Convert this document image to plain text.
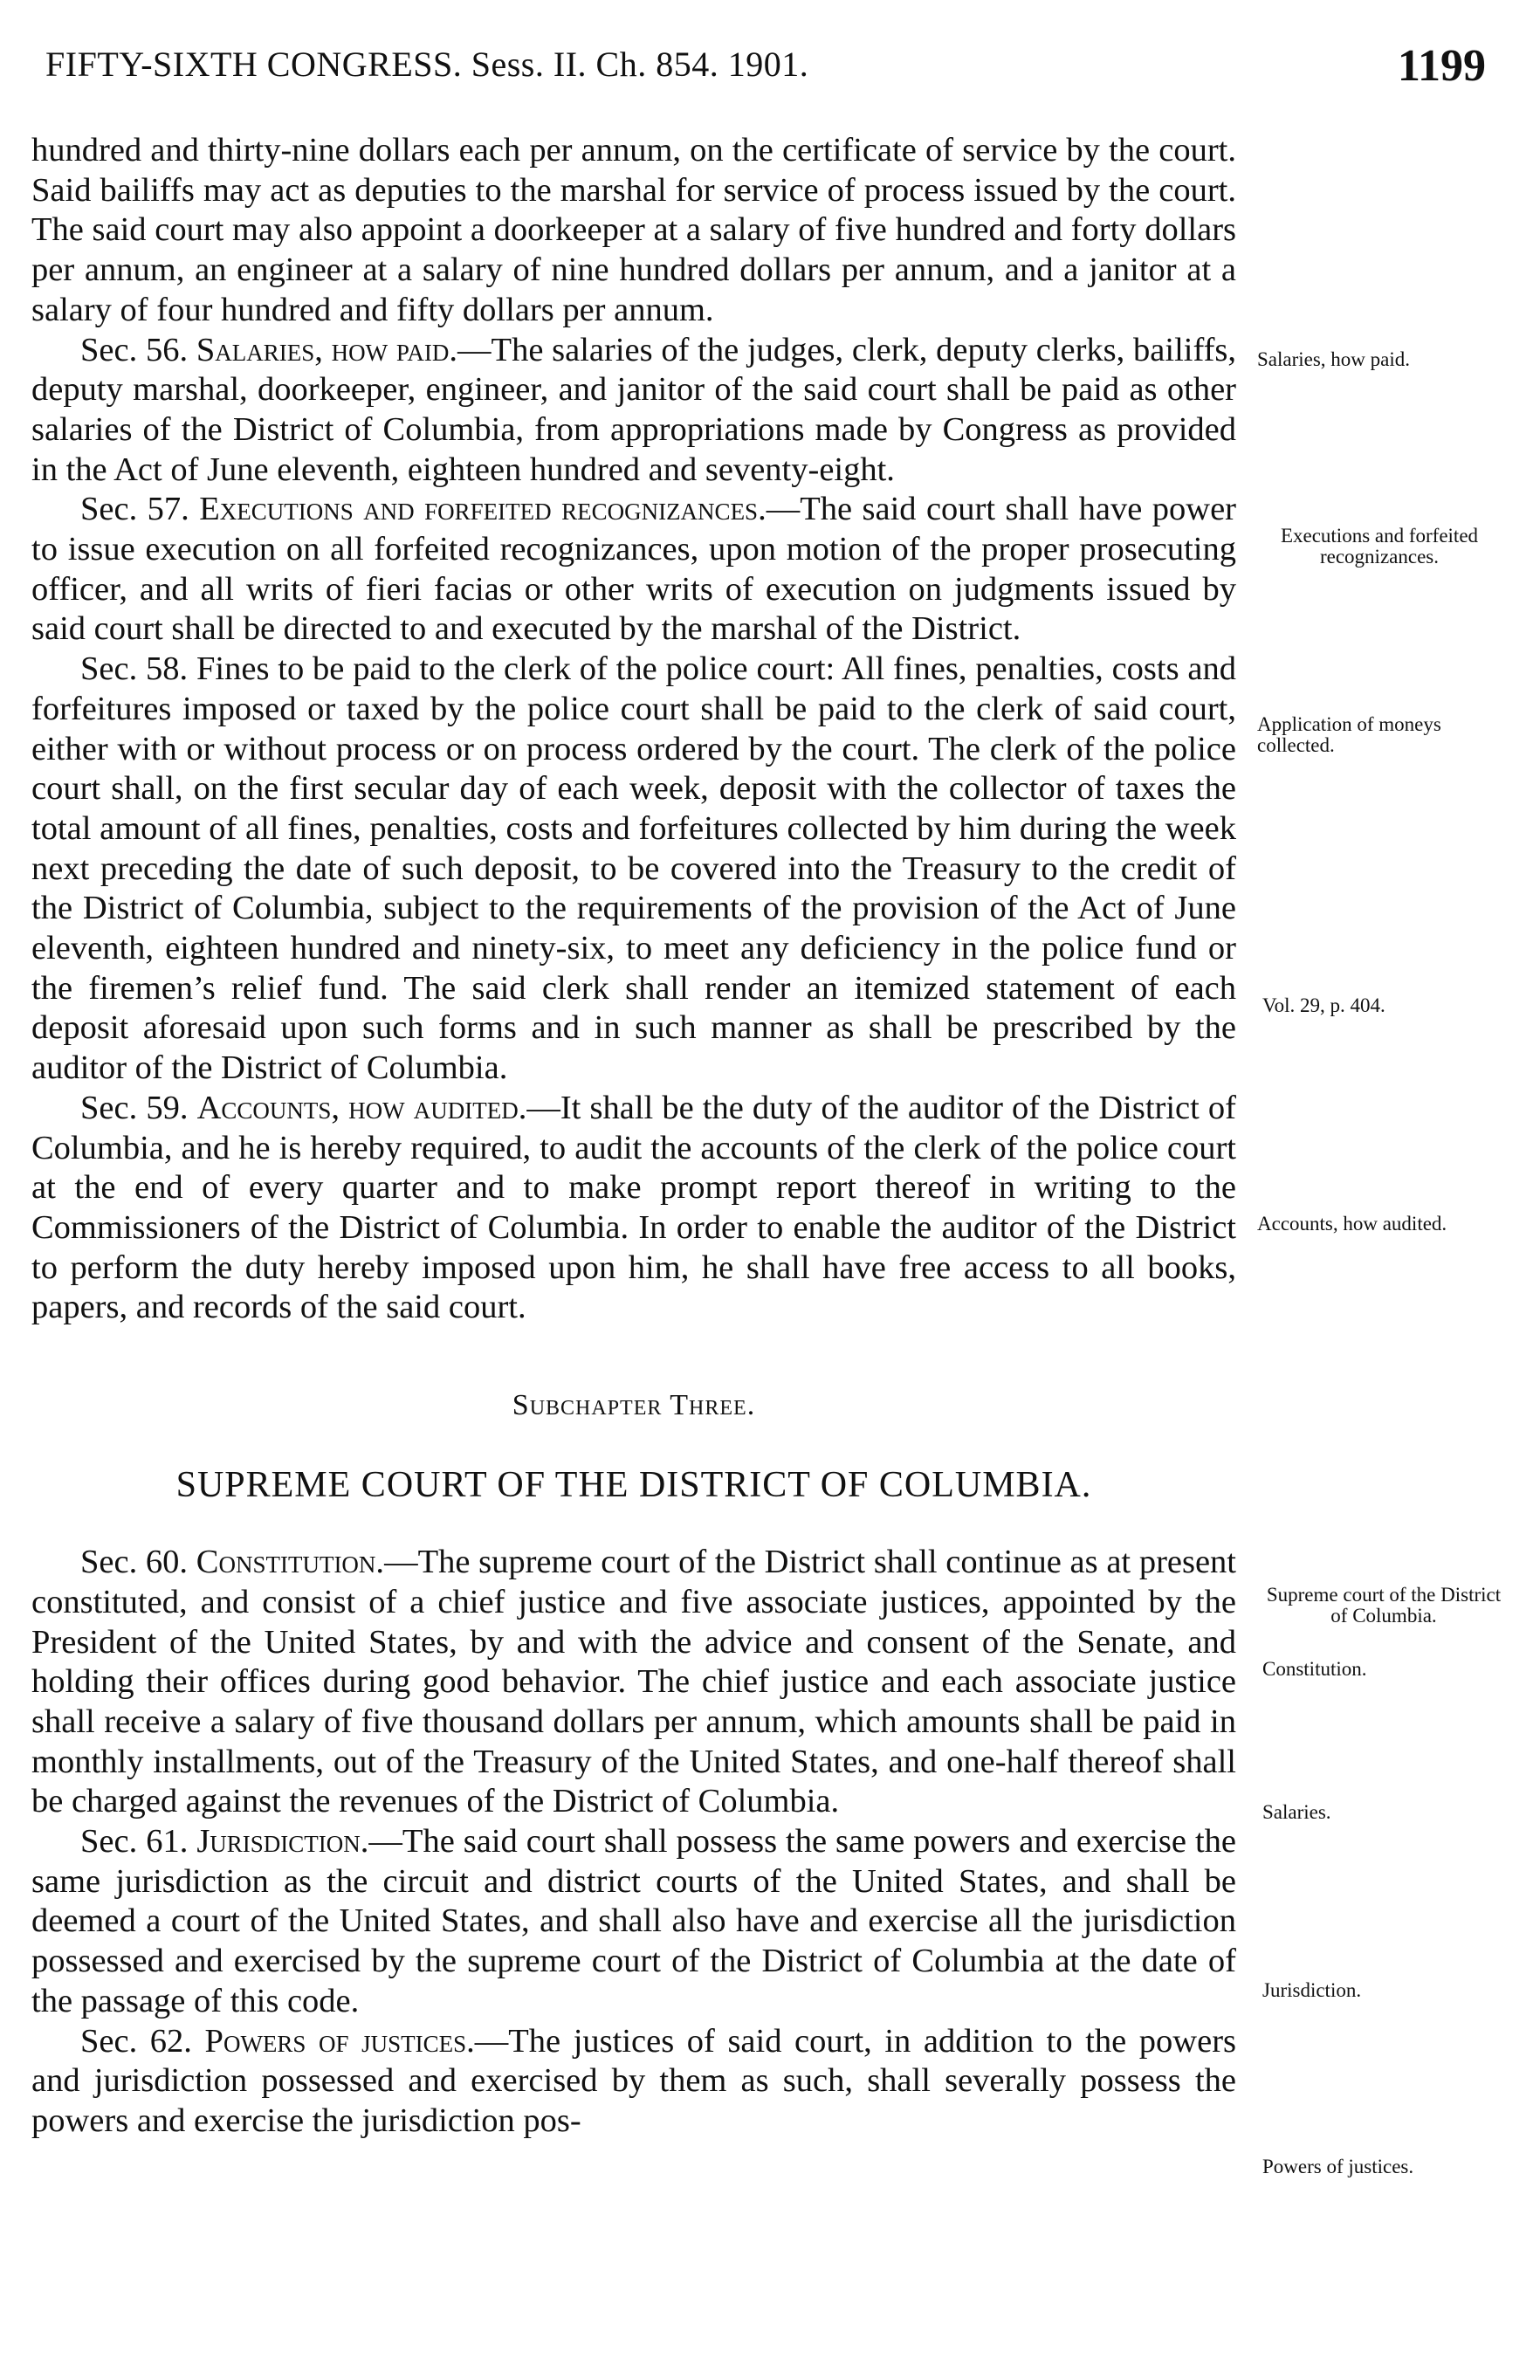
FIFTY-SIXTH CONGRESS. Sess. II. Ch. 854. 1901.	1199

hundred and thirty-nine dollars each per annum, on the certificate of service by the court. Said bailiffs may act as deputies to the marshal for service of process issued by the court. The said court may also appoint a doorkeeper at a salary of five hundred and forty dollars per annum, an engineer at a salary of nine hundred dollars per annum, and a janitor at a salary of four hundred and fifty dollars per annum.

Sec. 56. Salaries, how paid.—The salaries of the judges, clerk, deputy clerks, bailiffs, deputy marshal, doorkeeper, engineer, and janitor of the said court shall be paid as other salaries of the District of Columbia, from appropriations made by Congress as provided in the Act of June eleventh, eighteen hundred and seventy-eight.

Sec. 57. Executions and forfeited recognizances.—The said court shall have power to issue execution on all forfeited recognizances, upon motion of the proper prosecuting officer, and all writs of fieri facias or other writs of execution on judgments issued by said court shall be directed to and executed by the marshal of the District.

Sec. 58. Fines to be paid to the clerk of the police court: All fines, penalties, costs and forfeitures imposed or taxed by the police court shall be paid to the clerk of said court, either with or without process or on process ordered by the court. The clerk of the police court shall, on the first secular day of each week, deposit with the collector of taxes the total amount of all fines, penalties, costs and forfeitures collected by him during the week next preceding the date of such deposit, to be covered into the Treasury to the credit of the District of Columbia, subject to the requirements of the provision of the Act of June eleventh, eighteen hundred and ninety-six, to meet any deficiency in the police fund or the firemen’s relief fund. The said clerk shall render an itemized statement of each deposit aforesaid upon such forms and in such manner as shall be prescribed by the auditor of the District of Columbia.

Sec. 59. Accounts, how audited.—It shall be the duty of the auditor of the District of Columbia, and he is hereby required, to audit the accounts of the clerk of the police court at the end of every quarter and to make prompt report thereof in writing to the Commissioners of the District of Columbia. In order to enable the auditor of the District to perform the duty hereby imposed upon him, he shall have free access to all books, papers, and records of the said court.

Subchapter Three.
SUPREME COURT OF THE DISTRICT OF COLUMBIA.

Sec. 60. Constitution.—The supreme court of the District shall continue as at present constituted, and consist of a chief justice and five associate justices, appointed by the President of the United States, by and with the advice and consent of the Senate, and holding their offices during good behavior. The chief justice and each associate justice shall receive a salary of five thousand dollars per annum, which amounts shall be paid in monthly installments, out of the Treasury of the United States, and one-half thereof shall be charged against the revenues of the District of Columbia.

Sec. 61. Jurisdiction.—The said court shall possess the same powers and exercise the same jurisdiction as the circuit and district courts of the United States, and shall be deemed a court of the United States, and shall also have and exercise all the jurisdiction possessed and exercised by the supreme court of the District of Columbia at the date of the passage of this code.

Sec. 62. Powers of justices.—The justices of said court, in addition to the powers and jurisdiction possessed and exercised by them as such, shall severally possess the powers and exercise the jurisdiction pos-

Salaries, how paid.
Executions and forfeited recognizances.
Application of moneys collected.
Vol. 29, p. 404.
Accounts, how audited.
Supreme court of the District of Columbia.
Constitution.
Salaries.
Jurisdiction.
Powers of justices.
